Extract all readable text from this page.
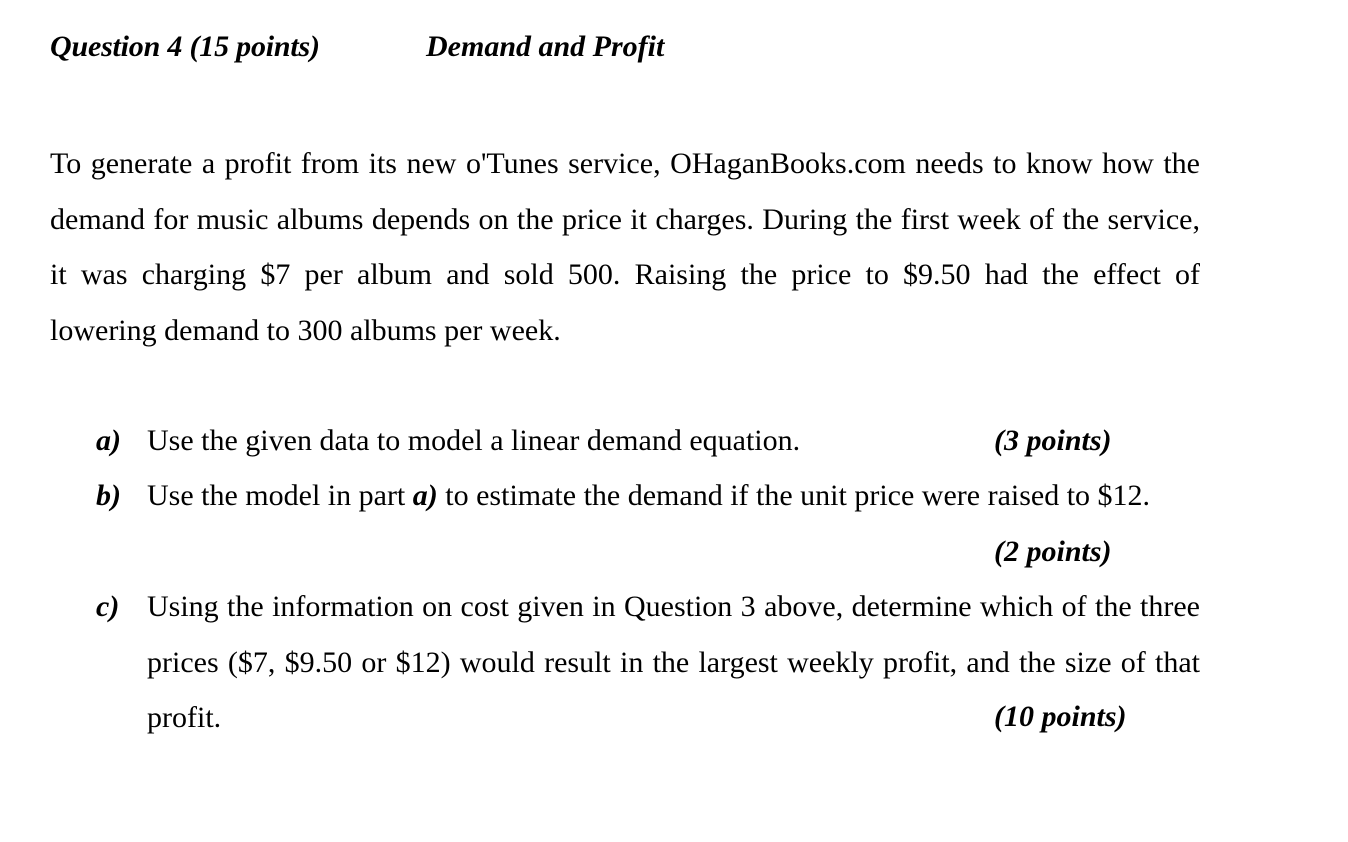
Question 4 (15 points)	Demand and Profit
To generate a profit from its new o'Tunes service, OHaganBooks.com needs to know how the demand for music albums depends on the price it charges. During the first week of the service, it was charging $7 per album and sold 500. Raising the price to $9.50 had the effect of lowering demand to 300 albums per week.
a) Use the given data to model a linear demand equation.	(3 points)
b) Use the model in part a) to estimate the demand if the unit price were raised to $12.
(2 points)
c) Using the information on cost given in Question 3 above, determine which of the three prices ($7, $9.50 or $12) would result in the largest weekly profit, and the size of that profit.	(10 points)
